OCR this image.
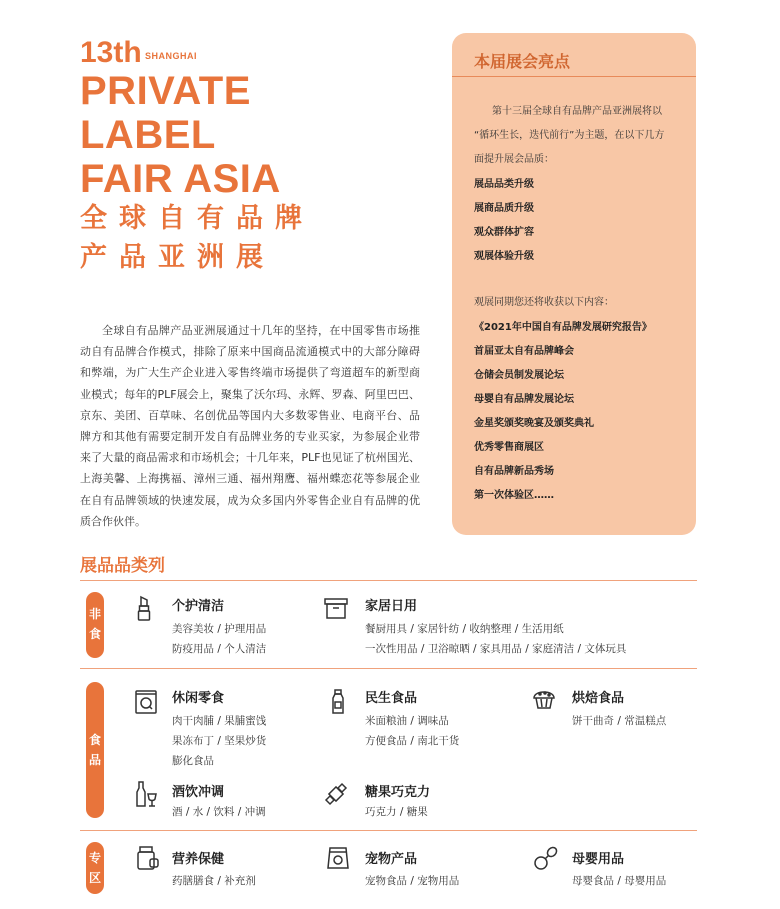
13th SHANGHAI
PRIVATE
LABEL
FAIR ASIA
全球自有品牌
产品亚洲展
全球自有品牌产品亚洲展通过十几年的坚持，在中国零售市场推动自有品牌合作模式，排除了原来中国商品流通模式中的大部分障碍和弊端，为广大生产企业进入零售终端市场提供了弯道超车的新型商业模式；每年的PLF展会上，聚集了沃尔玛、永辉、罗森、阿里巴巴、京东、美团、百草味、名创优品等国内大多数零售业、电商平台、品牌方和其他有需要定制开发自有品牌业务的专业买家，为参展企业带来了大量的商品需求和市场机会；十几年来，PLF也见证了杭州国光、上海美馨、上海携福、漳州三通、福州翔鹰、福州蝶恋花等参展企业在自有品牌领域的快速发展，成为众多国内外零售企业自有品牌的优质合作伙伴。
本届展会亮点
第十三届全球自有品牌产品亚洲展将以
“循环生长，迭代前行”为主题，在以下几方
面提升展会品质：
展品品类升级
展商品质升级
观众群体扩容
观展体验升级
观展同期您还将收获以下内容：
《2021年中国自有品牌发展研究报告》
首届亚太自有品牌峰会
仓储会员制发展论坛
母婴自有品牌发展论坛
金星奖颁奖晚宴及颁奖典礼
优秀零售商展区
自有品牌新品秀场
第一次体验区……
展品品类列
非
食
个护清洁
美容美妆 / 护理用品
防疫用品 / 个人清洁
家居日用
餐厨用具 / 家居针纺 / 收纳整理 / 生活用纸
一次性用品 / 卫浴晾晒 / 家具用品 / 家庭清洁 / 文体玩具
食
品
休闲零食
肉干肉脯 / 果脯蜜饯
果冻布丁 / 坚果炒货
膨化食品
民生食品
米面粮油 / 调味品
方便食品 / 南北干货
烘焙食品
饼干曲奇 / 常温糕点
酒饮冲调
酒 / 水 / 饮料 / 冲调
糖果巧克力
巧克力 / 糖果
专
区
营养保健
药膳膳食 / 补充剂
宠物产品
宠物食品 / 宠物用品
母婴用品
母婴食品 / 母婴用品
